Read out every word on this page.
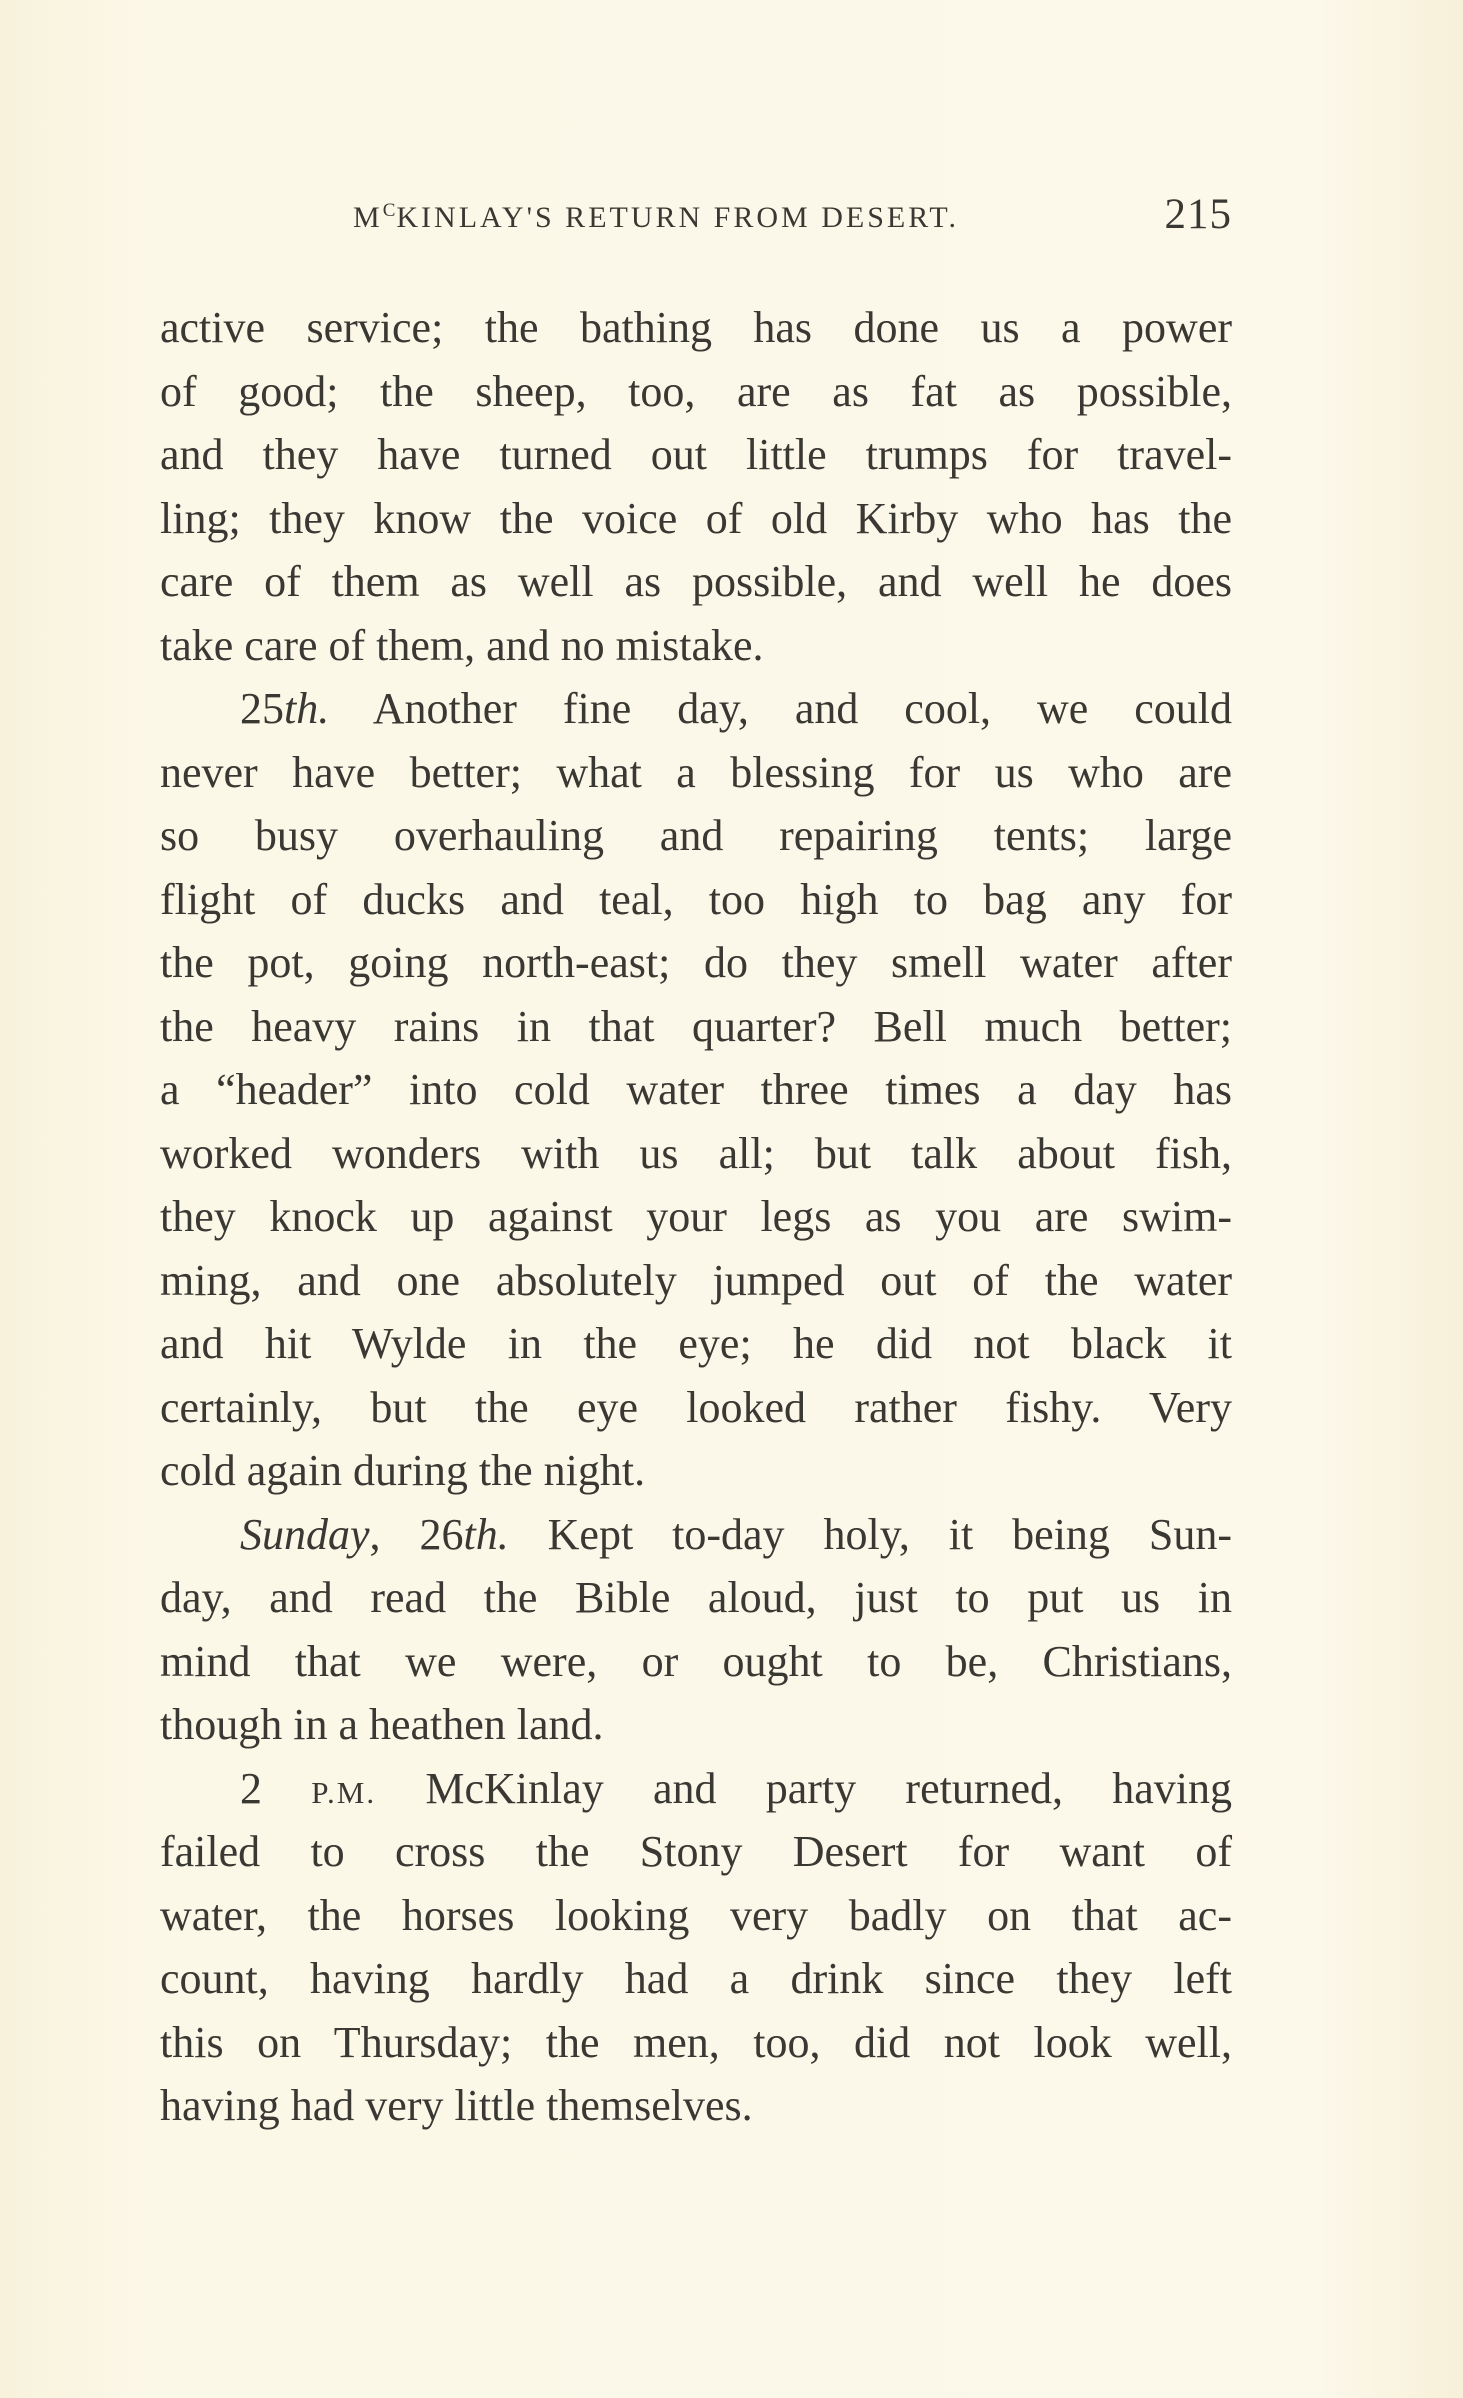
$M^CKINLAY'S$ RETURN FROM DESERT.	215
active service; the bathing has done us a power
of good; the sheep, too, are as fat as possible,
and they have turned out little trumps for travel-
ling; they know the voice of old Kirby who has the
care of them as well as possible, and well he does
take care of them, and no mistake.
25th. Another fine day, and cool, we could
never have better; what a blessing for us who are
so busy overhauling and repairing tents; large
flight of ducks and teal, too high to bag any for
the pot, going north-east; do they smell water after
the heavy rains in that quarter? Bell much better;
a “header” into cold water three times a day has
worked wonders with us all; but talk about fish,
they knock up against your legs as you are swim-
ming, and one absolutely jumped out of the water
and hit Wylde in the eye; he did not black it
certainly, but the eye looked rather fishy. Very
cold again during the night.
Sunday, 26th. Kept to-day holy, it being Sun-
day, and read the Bible aloud, just to put us in
mind that we were, or ought to be, Christians,
though in a heathen land.
2 P.M. McKinlay and party returned, having
failed to cross the Stony Desert for want of
water, the horses looking very badly on that ac-
count, having hardly had a drink since they left
this on Thursday; the men, too, did not look well,
having had very little themselves.
